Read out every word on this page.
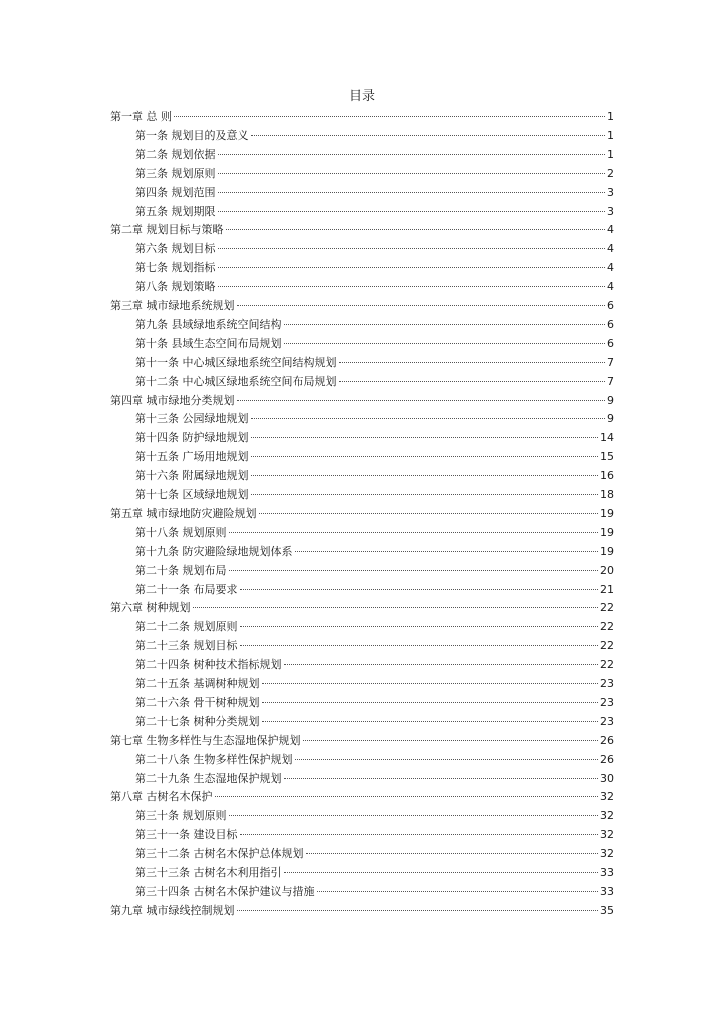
目录
第一章 总 则	1
第一条 规划目的及意义	1
第二条 规划依据	1
第三条 规划原则	2
第四条 规划范围	3
第五条 规划期限	3
第二章 规划目标与策略	4
第六条 规划目标	4
第七条 规划指标	4
第八条 规划策略	4
第三章 城市绿地系统规划	6
第九条 县域绿地系统空间结构	6
第十条 县域生态空间布局规划	6
第十一条 中心城区绿地系统空间结构规划	7
第十二条 中心城区绿地系统空间布局规划	7
第四章 城市绿地分类规划	9
第十三条 公园绿地规划	9
第十四条 防护绿地规划	14
第十五条 广场用地规划	15
第十六条 附属绿地规划	16
第十七条 区域绿地规划	18
第五章 城市绿地防灾避险规划	19
第十八条 规划原则	19
第十九条 防灾避险绿地规划体系	19
第二十条 规划布局	20
第二十一条 布局要求	21
第六章 树种规划	22
第二十二条 规划原则	22
第二十三条 规划目标	22
第二十四条 树种技术指标规划	22
第二十五条 基调树种规划	23
第二十六条 骨干树种规划	23
第二十七条 树种分类规划	23
第七章 生物多样性与生态湿地保护规划	26
第二十八条 生物多样性保护规划	26
第二十九条 生态湿地保护规划	30
第八章 古树名木保护	32
第三十条 规划原则	32
第三十一条 建设目标	32
第三十二条 古树名木保护总体规划	32
第三十三条 古树名木利用指引	33
第三十四条 古树名木保护建议与措施	33
第九章 城市绿线控制规划	35
